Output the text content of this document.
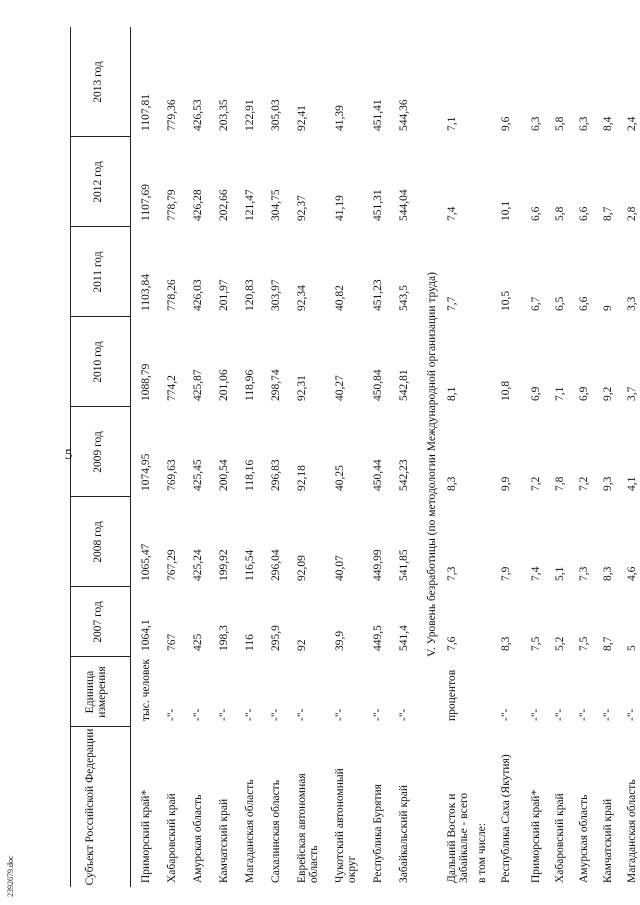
2392679.doc
5
Субъект Российской Федерации
Единица измерения
2007 год
2008 год
2009 год
2010 год
2011 год
2012 год
2013 год
Приморский край*
тыс. человек
1064,1
1065,47
1074,95
1088,79
1103,84
1107,69
1107,81
Хабаровский край
-"-
767
767,29
769,63
774,2
778,26
778,79
779,36
Амурская область
-"-
425
425,24
425,45
425,87
426,03
426,28
426,53
Камчатский край
-"-
198,3
199,92
200,54
201,06
201,97
202,66
203,35
Магаданская область
-"-
116
116,54
118,16
118,96
120,83
121,47
122,91
Сахалинская область
-"-
295,9
296,04
296,83
298,74
303,97
304,75
305,03
Еврейская автономная область
-"-
92
92,09
92,18
92,31
92,34
92,37
92,41
Чукотский автономный округ
-"-
39,9
40,07
40,25
40,27
40,82
41,19
41,39
Республика Бурятия
-"-
449,5
449,99
450,44
450,84
451,23
451,31
451,41
Забайкальский край
-"-
541,4
541,85
542,23
542,81
543,5
544,04
544,36
V. Уровень безработицы (по методологии Международной организации труда)
Дальний Восток и Забайкалье - всего
процентов
7,6
7,3
8,3
8,1
7,7
7,4
7,1
в том числе: Республика Саха (Якутия)
-"-
8,3
7,9
9,9
10,8
10,5
10,1
9,6
Приморский край*
-"-
7,5
7,4
7,2
6,9
6,7
6,6
6,3
Хабаровский край
-"-
5,2
5,1
7,8
7,1
6,5
5,8
5,8
Амурская область
-"-
7,5
7,3
7,2
6,9
6,6
6,6
6,3
Камчатский край
-"-
8,7
8,3
9,3
9,2
9
8,7
8,4
Магаданская область
-"-
5
4,6
4,1
3,7
3,3
2,8
2,4
